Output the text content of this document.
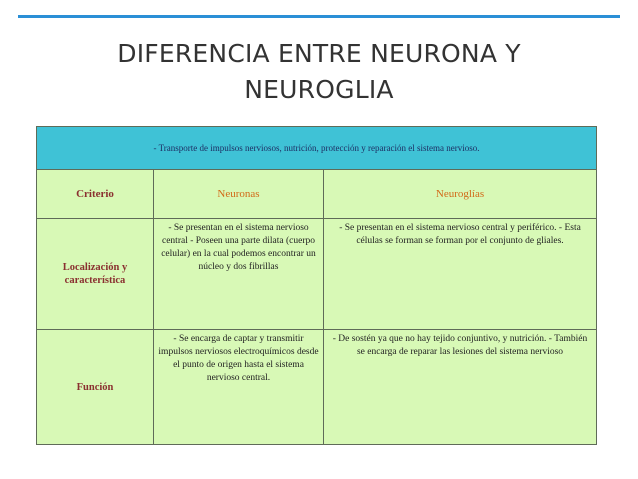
DIFERENCIA ENTRE NEURONA Y
NEUROGLIA
- Transporte de impulsos nerviosos, nutrición, protección y reparación el sistema nervioso.		
Criterio	Neuronas	Neuroglías
Localización y característica	- Se presentan en el sistema nervioso central - Poseen una parte dilata (cuerpo celular) en la cual podemos encontrar un núcleo y dos fibrillas	- Se presentan en el sistema nervioso central y periférico. - Esta células se forman se forman por el conjunto de gliales.
Función	- Se encarga de captar y transmitir impulsos nerviosos electroquímicos desde el punto de origen hasta el sistema nervioso central.	- De sostén ya que no hay tejido conjuntivo, y nutrición. - También se encarga de reparar las lesiones del sistema nervioso
